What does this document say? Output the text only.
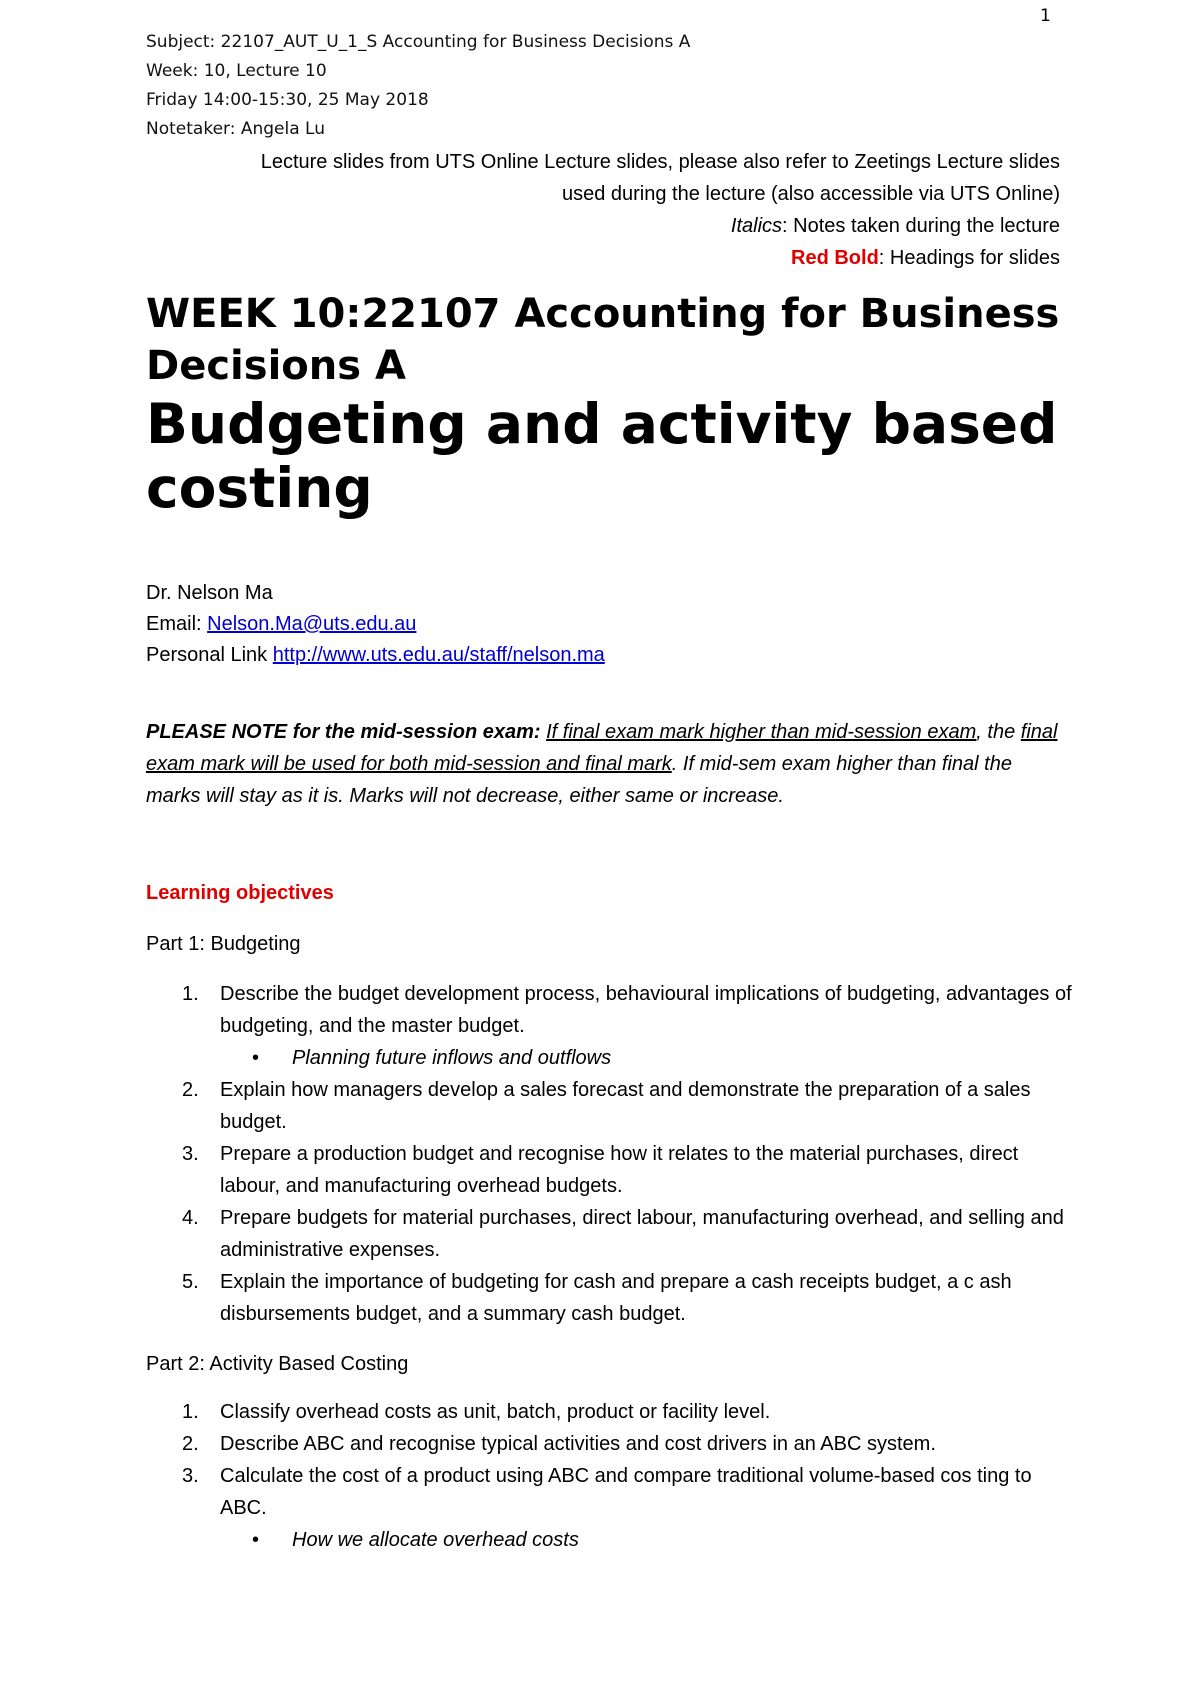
1
Subject: 22107_AUT_U_1_S Accounting for Business Decisions A
Week: 10, Lecture 10
Friday 14:00-15:30, 25 May 2018
Notetaker: Angela Lu
Lecture slides from UTS Online Lecture slides, please also refer to Zeetings Lecture slides
used during the lecture (also accessible via UTS Online)
Italics: Notes taken during the lecture
Red Bold: Headings for slides
WEEK 10:22107 Accounting for Business Decisions A
Budgeting and activity based costing
Dr. Nelson Ma
Email: Nelson.Ma@uts.edu.au
Personal Link http://www.uts.edu.au/staff/nelson.ma
PLEASE NOTE for the mid-session exam: If final exam mark higher than mid-session exam, the final exam mark will be used for both mid-session and final mark. If mid-sem exam higher than final the marks will stay as it is. Marks will not decrease, either same or increase.
Learning objectives
Part 1: Budgeting
1. Describe the budget development process, behavioural implications of budgeting, advantages of budgeting, and the master budget.
• Planning future inflows and outflows
2. Explain how managers develop a sales forecast and demonstrate the preparation of a sales budget.
3. Prepare a production budget and recognise how it relates to the material purchases, direct labour, and manufacturing overhead budgets.
4. Prepare budgets for material purchases, direct labour, manufacturing overhead, and selling and administrative expenses.
5. Explain the importance of budgeting for cash and prepare a cash receipts budget, a c ash disbursements budget, and a summary cash budget.
Part 2: Activity Based Costing
1. Classify overhead costs as unit, batch, product or facility level.
2. Describe ABC and recognise typical activities and cost drivers in an ABC system.
3. Calculate the cost of a product using ABC and compare traditional volume-based cos ting to ABC.
• How we allocate overhead costs
